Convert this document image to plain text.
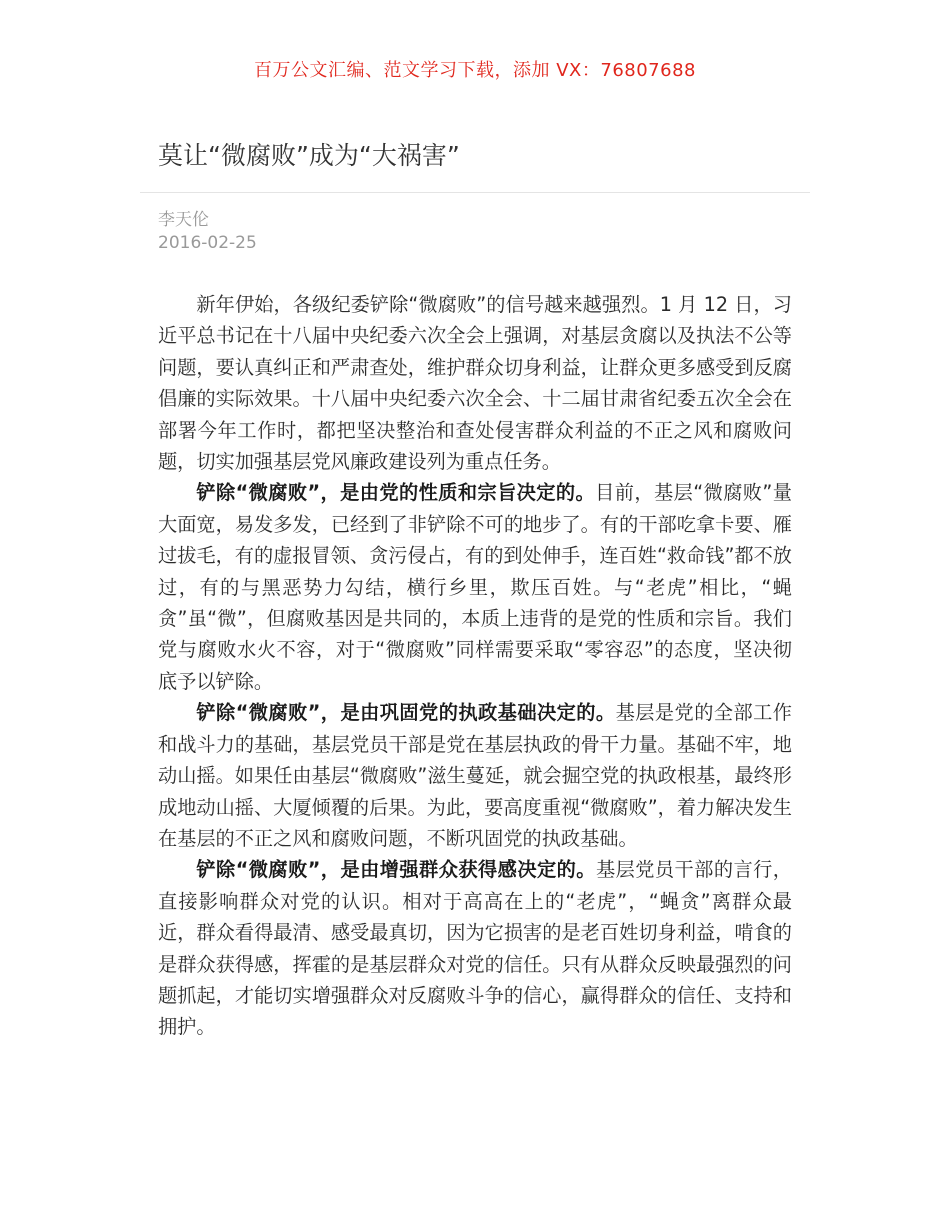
百万公文汇编、范文学习下载，添加 VX：76807688
莫让“微腐败”成为“大祸害”
李天伦
2016-02-25

新年伊始，各级纪委铲除“微腐败”的信号越来越强烈。1 月 12 日，习近平总书记在十八届中央纪委六次全会上强调，对基层贪腐以及执法不公等问题，要认真纠正和严肃查处，维护群众切身利益，让群众更多感受到反腐倡廉的实际效果。十八届中央纪委六次全会、十二届甘肃省纪委五次全会在部署今年工作时，都把坚决整治和查处侵害群众利益的不正之风和腐败问题，切实加强基层党风廉政建设列为重点任务。

铲除“微腐败”，是由党的性质和宗旨决定的。目前，基层“微腐败”量大面宽，易发多发，已经到了非铲除不可的地步了。有的干部吃拿卡要、雁过拔毛，有的虚报冒领、贪污侵占，有的到处伸手，连百姓“救命钱”都不放过，有的与黑恶势力勾结，横行乡里，欺压百姓。与“老虎”相比，“蝇贪”虽“微”，但腐败基因是共同的，本质上违背的是党的性质和宗旨。我们党与腐败水火不容，对于“微腐败”同样需要采取“零容忍”的态度，坚决彻底予以铲除。

铲除“微腐败”，是由巩固党的执政基础决定的。基层是党的全部工作和战斗力的基础，基层党员干部是党在基层执政的骨干力量。基础不牢，地动山摇。如果任由基层“微腐败”滋生蔓延，就会掘空党的执政根基，最终形成地动山摇、大厦倾覆的后果。为此，要高度重视“微腐败”，着力解决发生在基层的不正之风和腐败问题，不断巩固党的执政基础。

铲除“微腐败”，是由增强群众获得感决定的。基层党员干部的言行，直接影响群众对党的认识。相对于高高在上的“老虎”，“蝇贪”离群众最近，群众看得最清、感受最真切，因为它损害的是老百姓切身利益，啃食的是群众获得感，挥霍的是基层群众对党的信任。只有从群众反映最强烈的问题抓起，才能切实增强群众对反腐败斗争的信心，赢得群众的信任、支持和拥护。
